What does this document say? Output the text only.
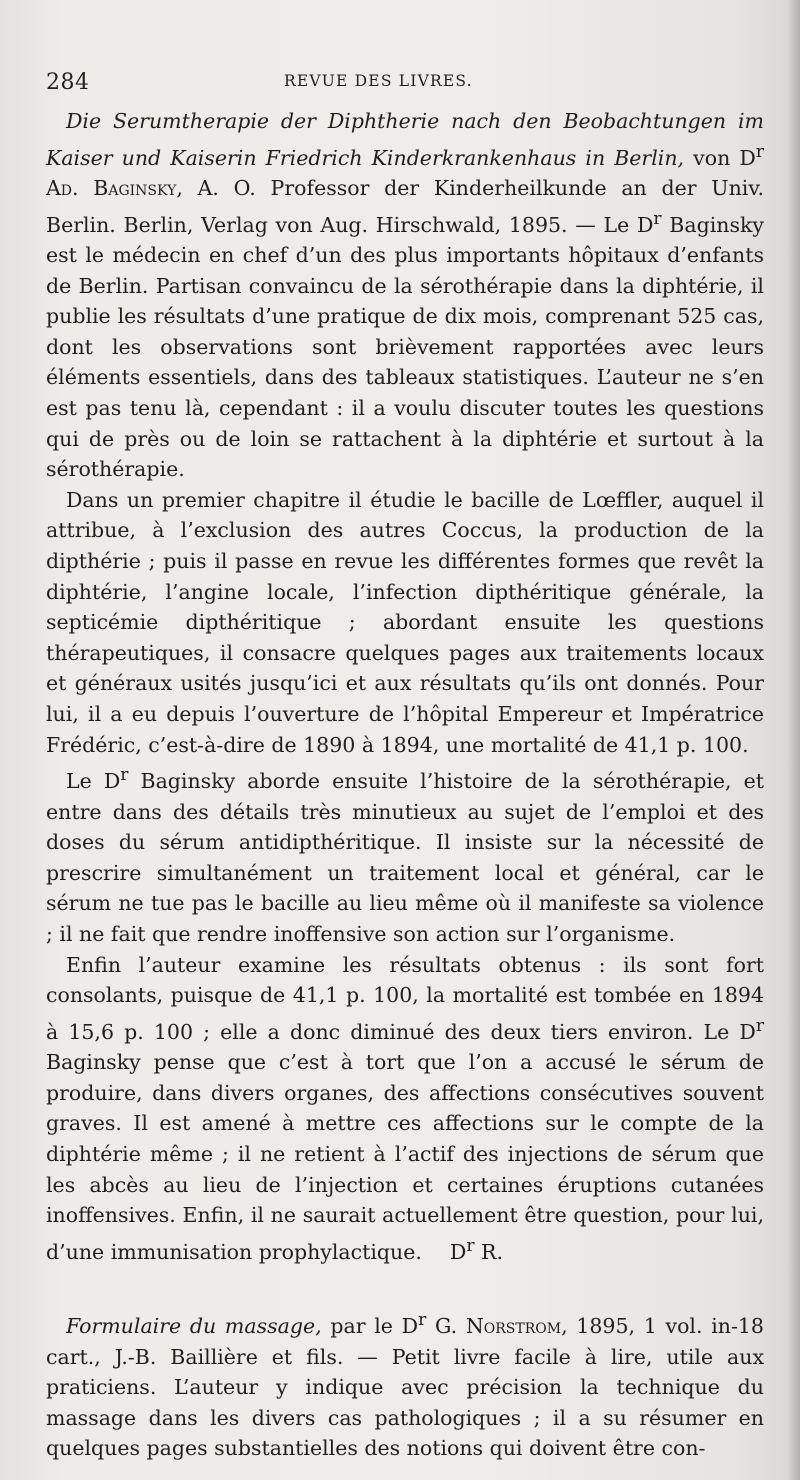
284	REVUE DES LIVRES.

Die Serumtherapie der Diphtherie nach den Beobachtungen im Kaiser und Kaiserin Friedrich Kinderkrankenhaus in Berlin, von $D^r$ Ad. Baginsky, A. O. Professor der Kinderheilkunde an der Univ. Berlin. Berlin, Verlag von Aug. Hirschwald, 1895. — Le $D^r$ Baginsky est le médecin en chef d’un des plus importants hôpitaux d’enfants de Berlin. Partisan convaincu de la sérothérapie dans la diphtérie, il publie les résultats d’une pratique de dix mois, comprenant 525 cas, dont les observations sont brièvement rapportées avec leurs éléments essentiels, dans des tableaux statistiques. L’auteur ne s’en est pas tenu là, cependant : il a voulu discuter toutes les questions qui de près ou de loin se rattachent à la diphtérie et surtout à la sérothérapie.

Dans un premier chapitre il étudie le bacille de Lœffler, auquel il attribue, à l’exclusion des autres Coccus, la production de la dipthérie ; puis il passe en revue les différentes formes que revêt la diphtérie, l’angine locale, l’infection dipthéritique générale, la septicémie dipthéritique ; abordant ensuite les questions thérapeutiques, il consacre quelques pages aux traitements locaux et généraux usités jusqu’ici et aux résultats qu’ils ont donnés. Pour lui, il a eu depuis l’ouverture de l’hôpital Empereur et Impératrice Frédéric, c’est-à-dire de 1890 à 1894, une mortalité de 41,1 p. 100.

Le $D^r$ Baginsky aborde ensuite l’histoire de la sérothérapie, et entre dans des détails très minutieux au sujet de l’emploi et des doses du sérum antidipthéritique. Il insiste sur la nécessité de prescrire simultanément un traitement local et général, car le sérum ne tue pas le bacille au lieu même où il manifeste sa violence ; il ne fait que rendre inoffensive son action sur l’organisme.

Enfin l’auteur examine les résultats obtenus : ils sont fort consolants, puisque de 41,1 p. 100, la mortalité est tombée en 1894 à 15,6 p. 100 ; elle a donc diminué des deux tiers environ. Le $D^r$ Baginsky pense que c’est à tort que l’on a accusé le sérum de produire, dans divers organes, des affections consécutives souvent graves. Il est amené à mettre ces affections sur le compte de la diphtérie même ; il ne retient à l’actif des injections de sérum que les abcès au lieu de l’injection et certaines éruptions cutanées inoffensives. Enfin, il ne saurait actuellement être question, pour lui, d’une immunisation prophylactique. $D^r$ R.

Formulaire du massage, par le $D^r$ G. Norstrom, 1895, 1 vol. in-18 cart., J.-B. Baillière et fils. — Petit livre facile à lire, utile aux praticiens. L’auteur y indique avec précision la technique du massage dans les divers cas pathologiques ; il a su résumer en quelques pages substantielles des notions qui doivent être con-
